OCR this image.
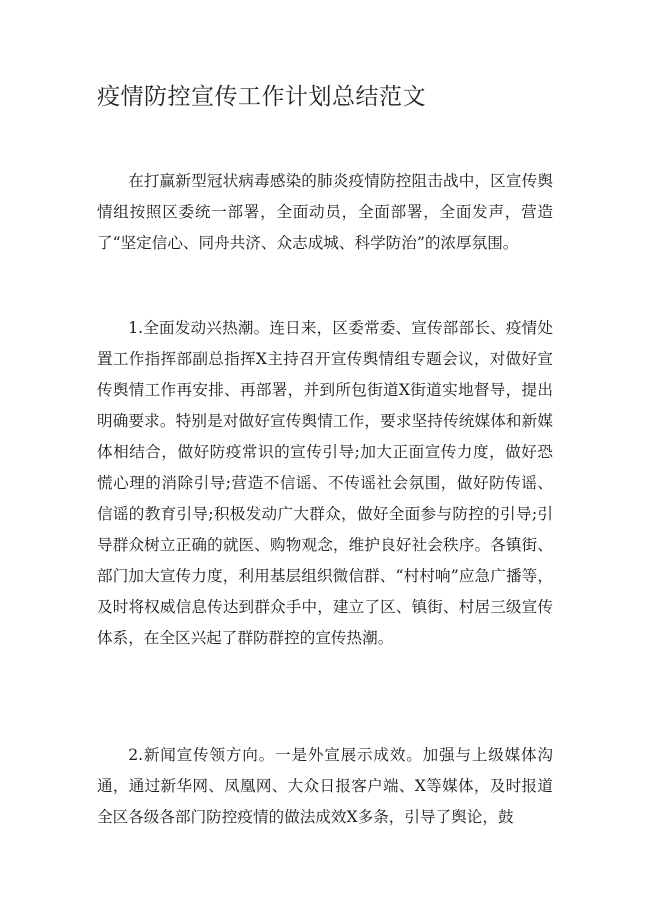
疫情防控宣传工作计划总结范文

在打赢新型冠状病毒感染的肺炎疫情防控阻击战中，区宣传舆情组按照区委统一部署，全面动员，全面部署，全面发声，营造了“坚定信心、同舟共济、众志成城、科学防治”的浓厚氛围。

1.全面发动兴热潮。连日来，区委常委、宣传部部长、疫情处置工作指挥部副总指挥X主持召开宣传舆情组专题会议，对做好宣传舆情工作再安排、再部署，并到所包街道X街道实地督导，提出明确要求。特别是对做好宣传舆情工作，要求坚持传统媒体和新媒体相结合，做好防疫常识的宣传引导;加大正面宣传力度，做好恐慌心理的消除引导;营造不信谣、不传谣社会氛围，做好防传谣、信谣的教育引导;积极发动广大群众，做好全面参与防控的引导;引导群众树立正确的就医、购物观念，维护良好社会秩序。各镇街、部门加大宣传力度，利用基层组织微信群、“村村响”应急广播等，及时将权威信息传达到群众手中，建立了区、镇街、村居三级宣传体系，在全区兴起了群防群控的宣传热潮。

2.新闻宣传领方向。一是外宣展示成效。加强与上级媒体沟通，通过新华网、凤凰网、大众日报客户端、X等媒体，及时报道全区各级各部门防控疫情的做法成效X多条，引导了舆论，鼓
